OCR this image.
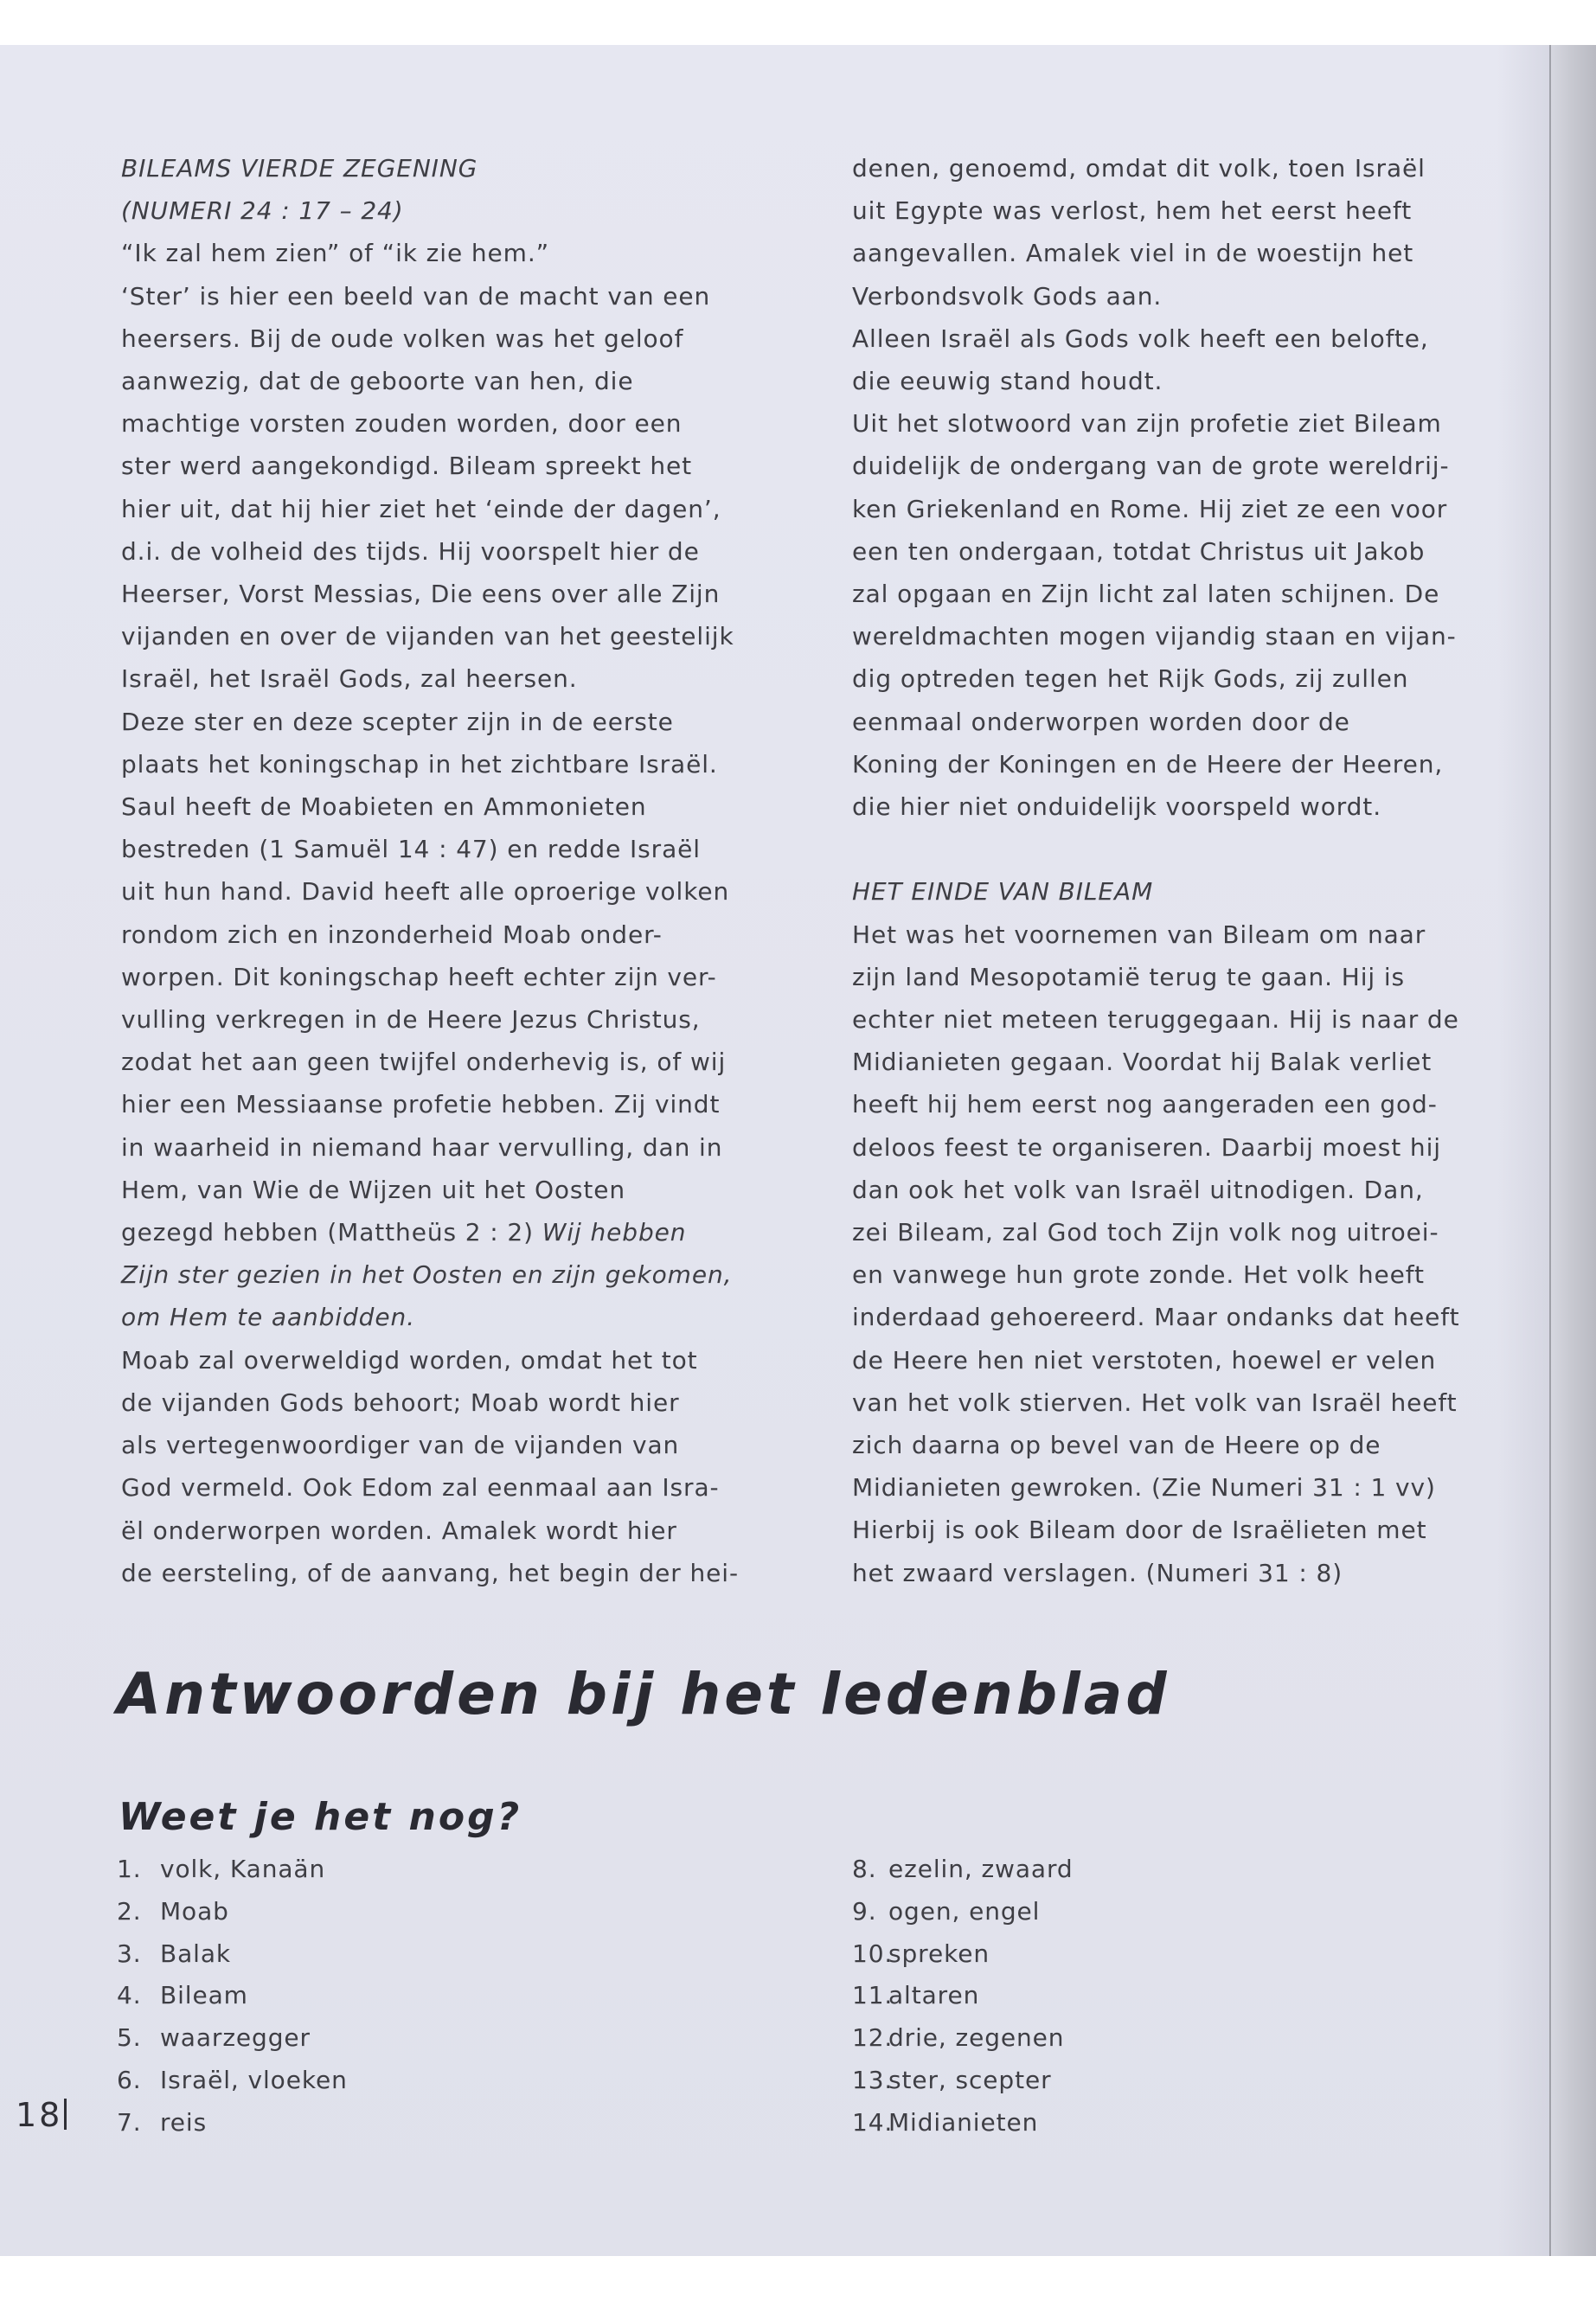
BILEAMS VIERDE ZEGENING

(NUMERI 24 : 17 – 24)

“Ik zal hem zien” of “ik zie hem.”

‘Ster’ is hier een beeld van de macht van een

heersers. Bij de oude volken was het geloof

aanwezig, dat de geboorte van hen, die

machtige vorsten zouden worden, door een

ster werd aangekondigd. Bileam spreekt het

hier uit, dat hij hier ziet het ‘einde der dagen’,

d.i. de volheid des tijds. Hij voorspelt hier de

Heerser, Vorst Messias, Die eens over alle Zijn

vijanden en over de vijanden van het geestelijk

Israël, het Israël Gods, zal heersen.

Deze ster en deze scepter zijn in de eerste

plaats het koningschap in het zichtbare Israël.

Saul heeft de Moabieten en Ammonieten

bestreden (1 Samuël 14 : 47) en redde Israël

uit hun hand. David heeft alle oproerige volken

rondom zich en inzonderheid Moab onder-

worpen. Dit koningschap heeft echter zijn ver-

vulling verkregen in de Heere Jezus Christus,

zodat het aan geen twijfel onderhevig is, of wij

hier een Messiaanse profetie hebben. Zij vindt

in waarheid in niemand haar vervulling, dan in

Hem, van Wie de Wijzen uit het Oosten

gezegd hebben (Mattheüs 2 : 2) Wij hebben

Zijn ster gezien in het Oosten en zijn gekomen,

om Hem te aanbidden.

Moab zal overweldigd worden, omdat het tot

de vijanden Gods behoort; Moab wordt hier

als vertegenwoordiger van de vijanden van

God vermeld. Ook Edom zal eenmaal aan Isra-

ël onderworpen worden. Amalek wordt hier

de eersteling, of de aanvang, het begin der hei-

denen, genoemd, omdat dit volk, toen Israël

uit Egypte was verlost, hem het eerst heeft

aangevallen. Amalek viel in de woestijn het

Verbondsvolk Gods aan.

Alleen Israël als Gods volk heeft een belofte,

die eeuwig stand houdt.

Uit het slotwoord van zijn profetie ziet Bileam

duidelijk de ondergang van de grote wereldrij-

ken Griekenland en Rome. Hij ziet ze een voor

een ten ondergaan, totdat Christus uit Jakob

zal opgaan en Zijn licht zal laten schijnen. De

wereldmachten mogen vijandig staan en vijan-

dig optreden tegen het Rijk Gods, zij zullen

eenmaal onderworpen worden door de

Koning der Koningen en de Heere der Heeren,

die hier niet onduidelijk voorspeld wordt.

HET EINDE VAN BILEAM

Het was het voornemen van Bileam om naar

zijn land Mesopotamië terug te gaan. Hij is

echter niet meteen teruggegaan. Hij is naar de

Midianieten gegaan. Voordat hij Balak verliet

heeft hij hem eerst nog aangeraden een god-

deloos feest te organiseren. Daarbij moest hij

dan ook het volk van Israël uitnodigen. Dan,

zei Bileam, zal God toch Zijn volk nog uitroei-

en vanwege hun grote zonde. Het volk heeft

inderdaad gehoereerd. Maar ondanks dat heeft

de Heere hen niet verstoten, hoewel er velen

van het volk stierven. Het volk van Israël heeft

zich daarna op bevel van de Heere op de

Midianieten gewroken. (Zie Numeri 31 : 1 vv)

Hierbij is ook Bileam door de Israëlieten met

het zwaard verslagen. (Numeri 31 : 8)

Antwoorden bij het ledenblad
Weet je het nog?
1. volk, Kanaän
2. Moab
3. Balak
4. Bileam
5. waarzegger
6. Israël, vloeken
7. reis
8. ezelin, zwaard
9. ogen, engel
10.
spreken
11.
altaren
12.
drie, zegenen
13.
ster, scepter
14.
Midianieten
18
